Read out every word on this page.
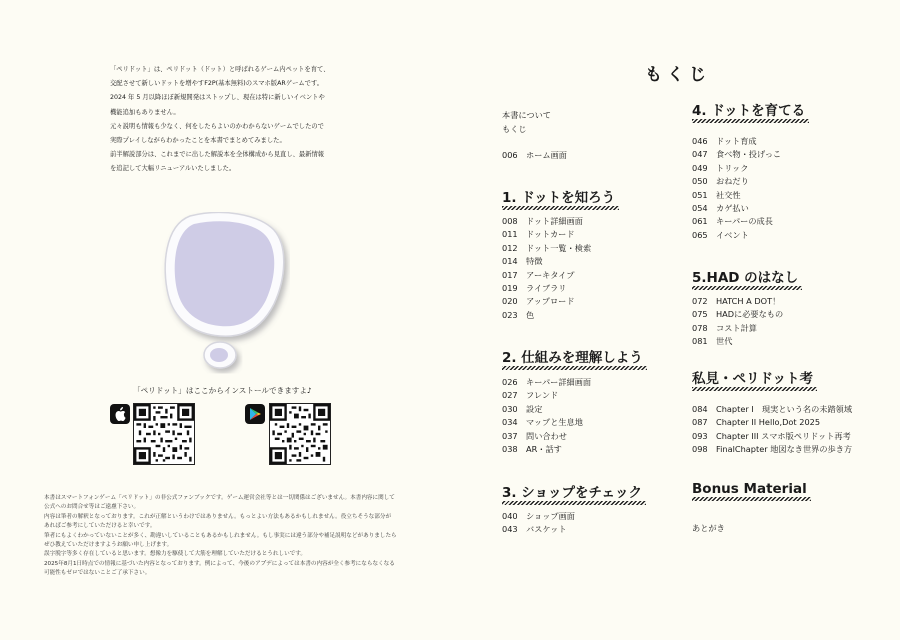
「ペリドット」は、ペリドット（ドット）と呼ばれるゲーム内ペットを育て、

交配させて新しいドットを増やすF2P(基本無料)のスマホ版ARゲームです。

2024 年 5 月以降ほぼ新規開発はストップし、現在は特に新しいイベントや

機能追加もありません。

元々説明も情報も少なく、何をしたらよいのかわからないゲームでしたので

実際プレイしながらわかったことを本書でまとめてみました。

前半解説部分は、これまでに出した解説本を全体構成から見直し、最新情報

を追記して大幅リニューアルいたしました。

「ペリドット」はここからインストールできますよ♪

本書はスマートフォンゲーム「ペリドット」の非公式ファンブックです。ゲーム運営会社等とは一切関係はございません。本書内容に関して

公式へのお問合せ等はご遠慮下さい。

内容は筆者の解釈となっております。これが正解というわけではありません。もっとよい方法もあるかもしれません。役立ちそうな部分が

あればご参考にしていただけると幸いです。

筆者にもよくわかっていないことが多く、勘違いしていることもあるかもしれません。もし事実には違う部分や補足説明などがありましたら

ぜひ教えていただけますようお願い申し上げます。

誤字脱字等多く存在していると思います。想像力を駆使して大筋を理解していただけるとうれしいです。

2025年8月1日時点での情報に基づいた内容となっております。例によって、今後のアプデによっては本書の内容が全く参考にならなくなる

可能性もゼロではないことご了承下さい。

もくじ
本書について
もくじ
006 ホーム画面
1. ドットを知ろう
008 ドット詳細画面
011 ドットカード
012 ドット一覧・検索
014 特徴
017 アーキタイプ
019 ライブラリ
020 アップロード
023 色
2. 仕組みを理解しよう
026 キーパー詳細画面
027 フレンド
030 設定
034 マップと生息地
037 問い合わせ
038 AR・話す
3. ショップをチェック
040 ショップ画面
043 バスケット
4. ドットを育てる
046 ドット育成
047 食べ物・投げっこ
049 トリック
050 おねだり
051 社交性
054 カゲ払い
061 キーパーの成長
065 イベント
5.HAD のはなし
072 HATCH A DOT！
075 HADに必要なもの
078 コスト計算
081 世代
私見・ペリドット考
084 Chapter I　現実という名の未踏領域
087 Chapter II Hello,Dot 2025
093 Chapter III スマホ版ペリドット再考
098 FinalChapter 地図なき世界の歩き方
Bonus Material
あとがき
